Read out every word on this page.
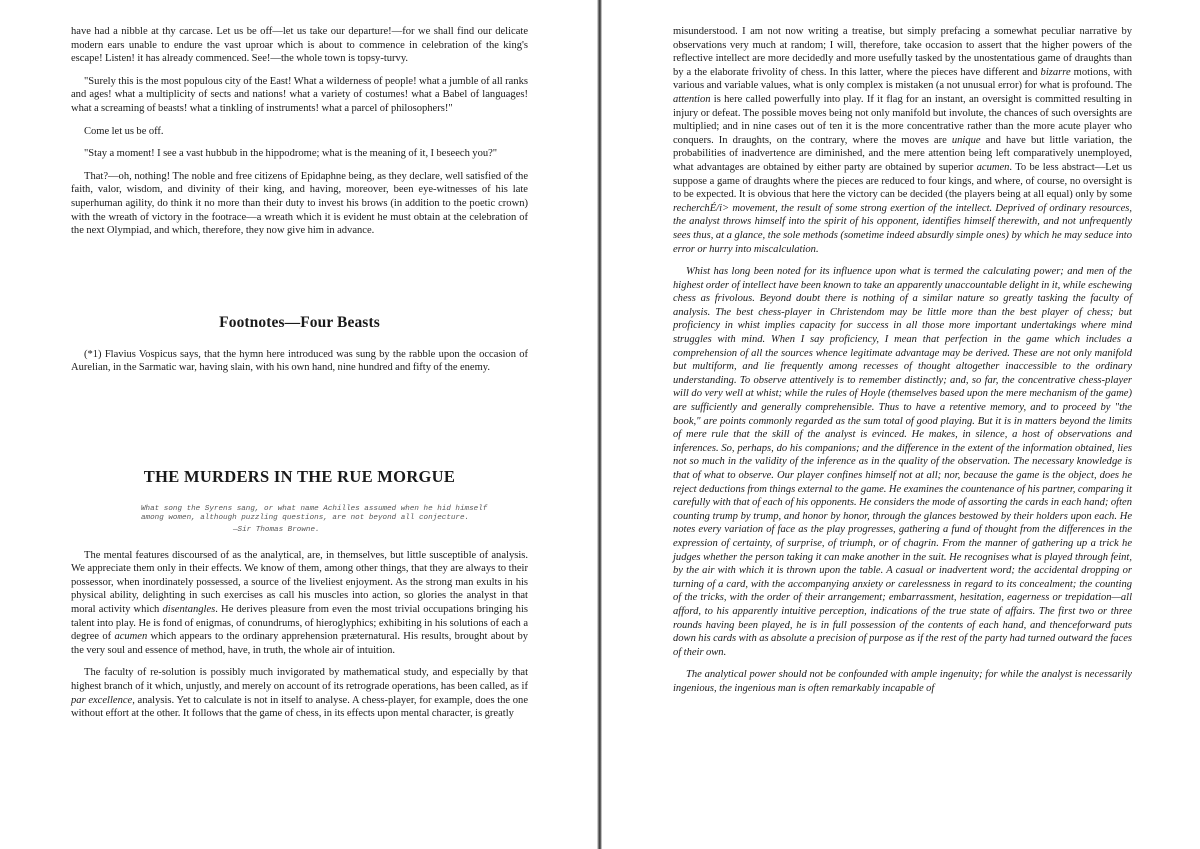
have had a nibble at thy carcase. Let us be off—let us take our departure!—for we shall find our delicate modern ears unable to endure the vast uproar which is about to commence in celebration of the king's escape! Listen! it has already commenced. See!—the whole town is topsy-turvy.

"Surely this is the most populous city of the East! What a wilderness of people! what a jumble of all ranks and ages! what a multiplicity of sects and nations! what a variety of costumes! what a Babel of languages! what a screaming of beasts! what a tinkling of instruments! what a parcel of philosophers!"

Come let us be off.

"Stay a moment! I see a vast hubbub in the hippodrome; what is the meaning of it, I beseech you?"

That?—oh, nothing! The noble and free citizens of Epidaphne being, as they declare, well satisfied of the faith, valor, wisdom, and divinity of their king, and having, moreover, been eye-witnesses of his late superhuman agility, do think it no more than their duty to invest his brows (in addition to the poetic crown) with the wreath of victory in the footrace—a wreath which it is evident he must obtain at the celebration of the next Olympiad, and which, therefore, they now give him in advance.

Footnotes—Four Beasts

(*1) Flavius Vospicus says, that the hymn here introduced was sung by the rabble upon the occasion of Aurelian, in the Sarmatic war, having slain, with his own hand, nine hundred and fifty of the enemy.

THE MURDERS IN THE RUE MORGUE
What song the Syrens sang, or what name Achilles assumed when he hid himself among women, although puzzling questions, are not beyond all conjecture.
—Sir Thomas Browne.

The mental features discoursed of as the analytical, are, in themselves, but little susceptible of analysis. We appreciate them only in their effects. We know of them, among other things, that they are always to their possessor, when inordinately possessed, a source of the liveliest enjoyment. As the strong man exults in his physical ability, delighting in such exercises as call his muscles into action, so glories the analyst in that moral activity which disentangles. He derives pleasure from even the most trivial occupations bringing his talent into play. He is fond of enigmas, of conundrums, of hieroglyphics; exhibiting in his solutions of each a degree of acumen which appears to the ordinary apprehension præternatural. His results, brought about by the very soul and essence of method, have, in truth, the whole air of intuition.

The faculty of re-solution is possibly much invigorated by mathematical study, and especially by that highest branch of it which, unjustly, and merely on account of its retrograde operations, has been called, as if par excellence, analysis. Yet to calculate is not in itself to analyse. A chess-player, for example, does the one without effort at the other. It follows that the game of chess, in its effects upon mental character, is greatly

misunderstood. I am not now writing a treatise, but simply prefacing a somewhat peculiar narrative by observations very much at random; I will, therefore, take occasion to assert that the higher powers of the reflective intellect are more decidedly and more usefully tasked by the unostentatious game of draughts than by a the elaborate frivolity of chess. In this latter, where the pieces have different and bizarre motions, with various and variable values, what is only complex is mistaken (a not unusual error) for what is profound. The attention is here called powerfully into play. If it flag for an instant, an oversight is committed resulting in injury or defeat. The possible moves being not only manifold but involute, the chances of such oversights are multiplied; and in nine cases out of ten it is the more concentrative rather than the more acute player who conquers. In draughts, on the contrary, where the moves are unique and have but little variation, the probabilities of inadvertence are diminished, and the mere attention being left comparatively unemployed, what advantages are obtained by either party are obtained by superior acumen. To be less abstract—Let us suppose a game of draughts where the pieces are reduced to four kings, and where, of course, no oversight is to be expected. It is obvious that here the victory can be decided (the players being at all equal) only by some recherchÉ/i> movement, the result of some strong exertion of the intellect. Deprived of ordinary resources, the analyst throws himself into the spirit of his opponent, identifies himself therewith, and not unfrequently sees thus, at a glance, the sole methods (sometime indeed absurdly simple ones) by which he may seduce into error or hurry into miscalculation.

Whist has long been noted for its influence upon what is termed the calculating power; and men of the highest order of intellect have been known to take an apparently unaccountable delight in it, while eschewing chess as frivolous. Beyond doubt there is nothing of a similar nature so greatly tasking the faculty of analysis. The best chess-player in Christendom may be little more than the best player of chess; but proficiency in whist implies capacity for success in all those more important undertakings where mind struggles with mind. When I say proficiency, I mean that perfection in the game which includes a comprehension of all the sources whence legitimate advantage may be derived. These are not only manifold but multiform, and lie frequently among recesses of thought altogether inaccessible to the ordinary understanding. To observe attentively is to remember distinctly; and, so far, the concentrative chess-player will do very well at whist; while the rules of Hoyle (themselves based upon the mere mechanism of the game) are sufficiently and generally comprehensible. Thus to have a retentive memory, and to proceed by "the book," are points commonly regarded as the sum total of good playing. But it is in matters beyond the limits of mere rule that the skill of the analyst is evinced. He makes, in silence, a host of observations and inferences. So, perhaps, do his companions; and the difference in the extent of the information obtained, lies not so much in the validity of the inference as in the quality of the observation. The necessary knowledge is that of what to observe. Our player confines himself not at all; nor, because the game is the object, does he reject deductions from things external to the game. He examines the countenance of his partner, comparing it carefully with that of each of his opponents. He considers the mode of assorting the cards in each hand; often counting trump by trump, and honor by honor, through the glances bestowed by their holders upon each. He notes every variation of face as the play progresses, gathering a fund of thought from the differences in the expression of certainty, of surprise, of triumph, or of chagrin. From the manner of gathering up a trick he judges whether the person taking it can make another in the suit. He recognises what is played through feint, by the air with which it is thrown upon the table. A casual or inadvertent word; the accidental dropping or turning of a card, with the accompanying anxiety or carelessness in regard to its concealment; the counting of the tricks, with the order of their arrangement; embarrassment, hesitation, eagerness or trepidation—all afford, to his apparently intuitive perception, indications of the true state of affairs. The first two or three rounds having been played, he is in full possession of the contents of each hand, and thenceforward puts down his cards with as absolute a precision of purpose as if the rest of the party had turned outward the faces of their own.

The analytical power should not be confounded with ample ingenuity; for while the analyst is necessarily ingenious, the ingenious man is often remarkably incapable of
